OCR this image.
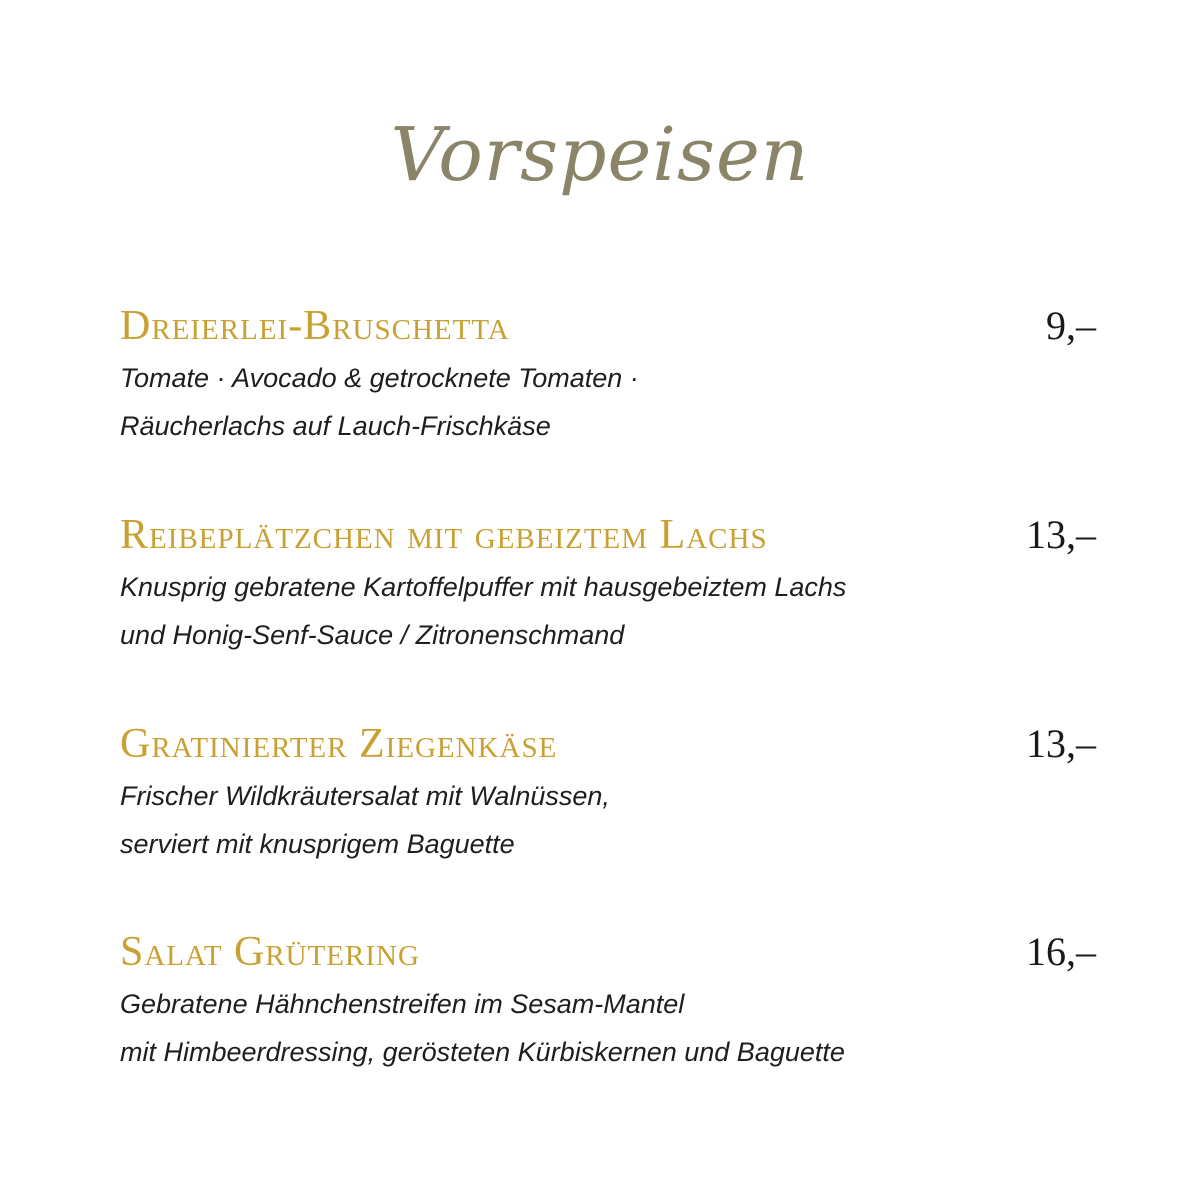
Vorspeisen
Dreierlei-Bruschetta	9,–
Tomate · Avocado & getrocknete Tomaten ·
Räucherlachs auf Lauch-Frischkäse
Reibeplätzchen mit gebeiztem Lachs	13,–
Knusprig gebratene Kartoffelpuffer mit hausgebeiztem Lachs
und Honig-Senf-Sauce / Zitronenschmand
Gratinierter Ziegenkäse	13,–
Frischer Wildkräutersalat mit Walnüssen,
serviert mit knusprigem Baguette
Salat Grütering	16,–
Gebratene Hähnchenstreifen im Sesam-Mantel
mit Himbeerdressing, gerösteten Kürbiskernen und Baguette
